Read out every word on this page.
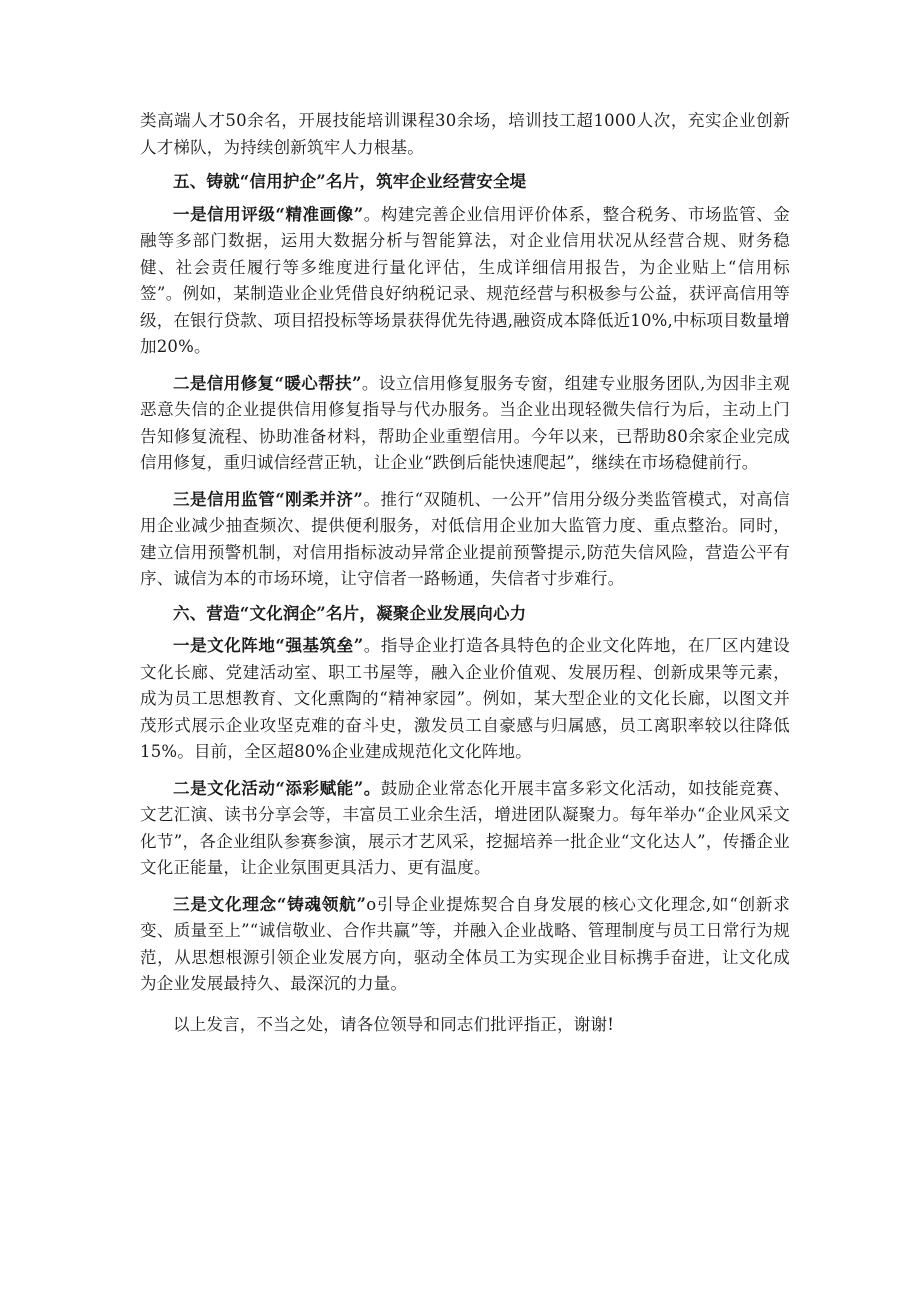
类高端人才50余名，开展技能培训课程30余场，培训技工超1000人次，充实企业创新人才梯队，为持续创新筑牢人力根基。

五、铸就“信用护企”名片，筑牢企业经营安全堤

一是信用评级“精准画像”。构建完善企业信用评价体系，整合税务、市场监管、金融等多部门数据，运用大数据分析与智能算法，对企业信用状况从经营合规、财务稳健、社会责任履行等多维度进行量化评估，生成详细信用报告，为企业贴上“信用标签”。例如，某制造业企业凭借良好纳税记录、规范经营与积极参与公益，获评高信用等级，在银行贷款、项目招投标等场景获得优先待遇,融资成本降低近10%,中标项目数量增加20%。

二是信用修复“暖心帮扶”。设立信用修复服务专窗，组建专业服务团队,为因非主观恶意失信的企业提供信用修复指导与代办服务。当企业出现轻微失信行为后，主动上门告知修复流程、协助准备材料，帮助企业重塑信用。今年以来，已帮助80余家企业完成信用修复，重归诚信经营正轨，让企业“跌倒后能快速爬起”，继续在市场稳健前行。

三是信用监管“刚柔并济”。推行“双随机、一公开”信用分级分类监管模式，对高信用企业减少抽查频次、提供便利服务，对低信用企业加大监管力度、重点整治。同时，建立信用预警机制，对信用指标波动异常企业提前预警提示,防范失信风险，营造公平有序、诚信为本的市场环境，让守信者一路畅通，失信者寸步难行。

六、营造“文化润企”名片，凝聚企业发展向心力

一是文化阵地“强基筑垒”。指导企业打造各具特色的企业文化阵地，在厂区内建设文化长廊、党建活动室、职工书屋等，融入企业价值观、发展历程、创新成果等元素，成为员工思想教育、文化熏陶的“精神家园”。例如，某大型企业的文化长廊，以图文并茂形式展示企业攻坚克难的奋斗史，激发员工自豪感与归属感，员工离职率较以往降低15%。目前，全区超80%企业建成规范化文化阵地。

二是文化活动“添彩赋能”。鼓励企业常态化开展丰富多彩文化活动，如技能竞赛、文艺汇演、读书分享会等，丰富员工业余生活，增进团队凝聚力。每年举办“企业风采文化节”，各企业组队参赛参演，展示才艺风采，挖掘培养一批企业“文化达人”，传播企业文化正能量，让企业氛围更具活力、更有温度。

三是文化理念“铸魂领航”o引导企业提炼契合自身发展的核心文化理念,如“创新求变、质量至上”“诚信敬业、合作共赢”等，并融入企业战略、管理制度与员工日常行为规范，从思想根源引领企业发展方向，驱动全体员工为实现企业目标携手奋进，让文化成为企业发展最持久、最深沉的力量。

以上发言，不当之处，请各位领导和同志们批评指正，谢谢!
